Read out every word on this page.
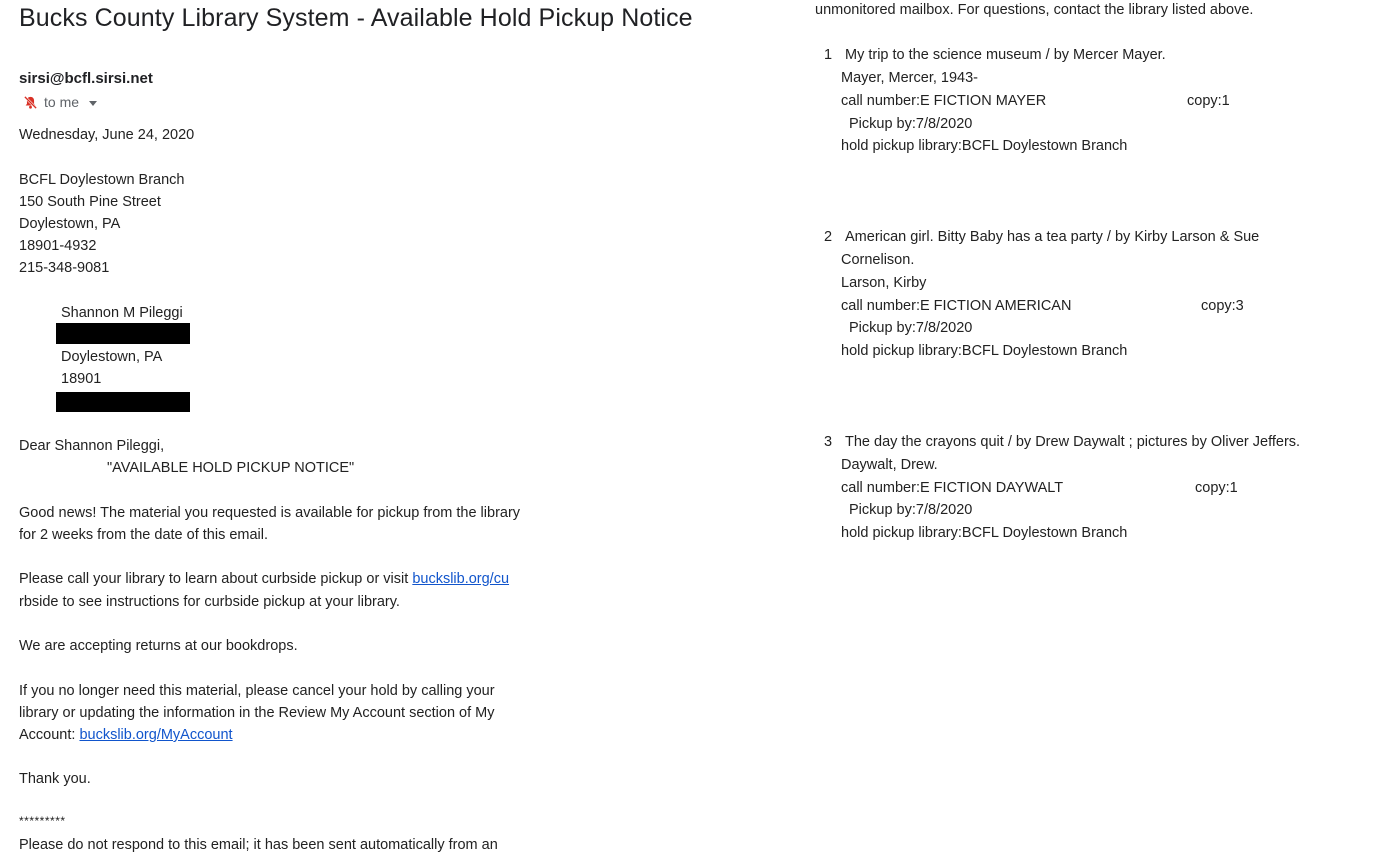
Bucks County Library System - Available Hold Pickup Notice
sirsi@bcfl.sirsi.net
to me
Wednesday, June 24, 2020
BCFL Doylestown Branch
150 South Pine Street
Doylestown, PA
18901-4932
215-348-9081
Shannon M Pileggi
Doylestown, PA
18901
Dear Shannon Pileggi,
"AVAILABLE HOLD PICKUP NOTICE"
Good news! The material you requested is available for pickup from the library
for 2 weeks from the date of this email.
Please call your library to learn about curbside pickup or visit buckslib.org/cu
rbside to see instructions for curbside pickup at your library.
We are accepting returns at our bookdrops.
If you no longer need this material, please cancel your hold by calling your
library or updating the information in the Review My Account section of My
Account: buckslib.org/MyAccount
Thank you.
*********
Please do not respond to this email; it has been sent automatically from an
unmonitored mailbox. For questions, contact the library listed above.
1 My trip to the science museum / by Mercer Mayer.
Mayer, Mercer, 1943-
call number:E FICTION MAYER	copy:1
Pickup by:7/8/2020
hold pickup library:BCFL Doylestown Branch
2 American girl. Bitty Baby has a tea party / by Kirby Larson & Sue
Cornelison.
Larson, Kirby
call number:E FICTION AMERICAN	copy:3
Pickup by:7/8/2020
hold pickup library:BCFL Doylestown Branch
3 The day the crayons quit / by Drew Daywalt ; pictures by Oliver Jeffers.
Daywalt, Drew.
call number:E FICTION DAYWALT	copy:1
Pickup by:7/8/2020
hold pickup library:BCFL Doylestown Branch
